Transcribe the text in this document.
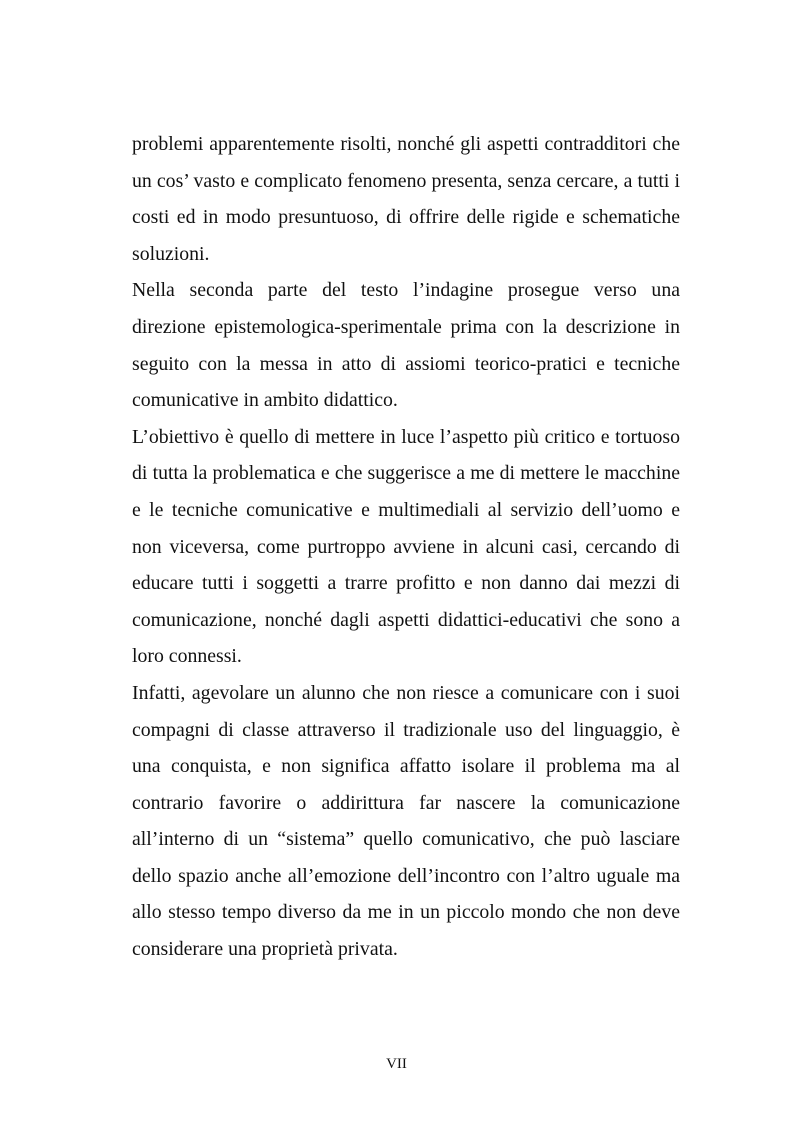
problemi apparentemente risolti, nonché gli aspetti contradditori che un cos’ vasto e complicato fenomeno presenta, senza cercare, a tutti i costi ed in modo presuntuoso, di offrire delle rigide e schematiche soluzioni.

Nella seconda parte del testo l’indagine prosegue verso una direzione epistemologica-sperimentale prima con la descrizione in seguito con la messa in atto di assiomi teorico-pratici e tecniche comunicative in ambito didattico.

L’obiettivo è quello di mettere in luce l’aspetto più critico e tortuoso di tutta la problematica e che suggerisce a me di mettere le macchine e le tecniche comunicative e multimediali al servizio dell’uomo e non viceversa, come purtroppo avviene in alcuni casi, cercando di educare tutti i soggetti a trarre profitto e non danno dai mezzi di comunicazione, nonché dagli aspetti didattici-educativi che sono a loro connessi.

Infatti, agevolare un alunno che non riesce a comunicare con i suoi compagni di classe attraverso il tradizionale uso del linguaggio, è una conquista, e non significa affatto isolare il problema ma al contrario favorire o addirittura far nascere la comunicazione all’interno di un “sistema” quello comunicativo, che può lasciare dello spazio anche all’emozione dell’incontro con l’altro uguale ma allo stesso tempo diverso da me in un piccolo mondo che non deve considerare una proprietà privata.

VII
